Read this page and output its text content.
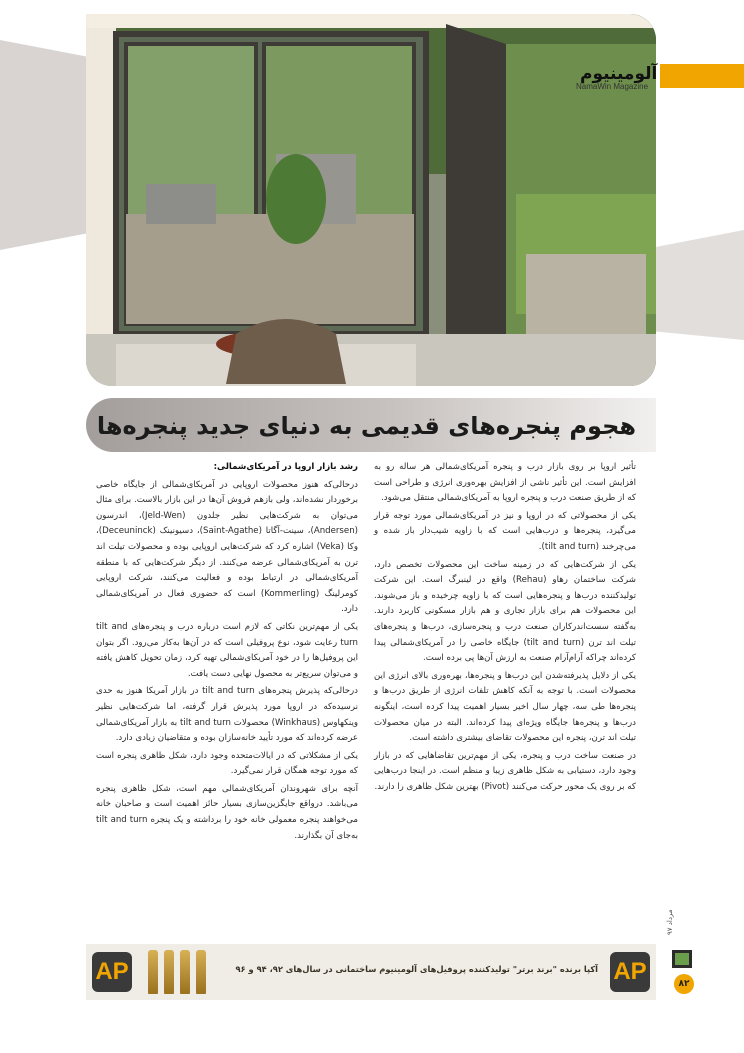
آلومینیوم
‌NamaWin Magazine
هجوم پنجره‌های قدیمی به دنیای جدید پنجره‌ها

تأثیر اروپا بر روی بازار درب و پنجره آمریکای‌شمالی هر ساله رو به افزایش است. این تأثیر ناشی از افزایش بهره‌وری انرژی و طراحی است که از طریق صنعت درب و پنجره اروپا به آمریکای‌شمالی منتقل می‌شود.

یکی از محصولاتی که در اروپا و نیز در آمریکای‌شمالی مورد توجه قرار می‌گیرد، پنجره‌ها و درب‌هایی است که با زاویه شیب‌دار باز شده و می‌چرخند (tilt and turn).

یکی از شرکت‌هایی که در زمینه ساخت این محصولات تخصص دارد، شرکت ساختمان رهاو (Rehau) واقع در لینبرگ است. این شرکت تولیدکننده درب‌ها و پنجره‌هایی است که با زاویه چرخیده و باز می‌شوند. این محصولات هم برای بازار تجاری و هم بازار مسکونی کاربرد دارند. به‌گفته سست‌اندرکاران صنعت درب و پنجره‌سازی، درب‌ها و پنجره‌های تیلت اند ترن (tilt and turn) جایگاه خاصی را در آمریکای‌شمالی پیدا کرده‌اند چراکه آرام‌آرام صنعت به ارزش آن‌ها پی برده است.

یکی از دلایل پذیرفته‌شدن این درب‌ها و پنجره‌ها، بهره‌وری بالای انرژی این محصولات است. با توجه به آنکه کاهش تلفات انرژی از طریق درب‌ها و پنجره‌ها طی سه، چهار سال اخیر بسیار اهمیت پیدا کرده است، اینگونه درب‌ها و پنجره‌ها جایگاه ویژه‌ای پیدا کرده‌اند. البته در میان محصولات تیلت اند ترن، پنجره این محصولات تقاضای بیشتری داشته است.

در صنعت ساخت درب و پنجره، یکی از مهم‌ترین تقاضاهایی که در بازار وجود دارد، دستیابی به شکل ظاهری زیبا و منظم است. در اینجا درب‌هایی که بر روی یک محور حرکت می‌کنند (Pivot) بهترین شکل ظاهری را دارند.

رشد بازار اروپا در آمریکای‌شمالی:

درحالی‌که هنوز محصولات اروپایی در آمریکای‌شمالی از جایگاه خاصی برخوردار نشده‌اند، ولی با‌زهم فروش آن‌ها در این بازار بالاست. برای مثال می‌توان به شرکت‌هایی نظیر جلدون (Jeld-Wen)، اندرسون (Andersen)، سینت-آگاتا (Saint-Agathe)، دسیونینک (Deceuninck)، وکا (Veka) اشاره کرد که شرکت‌هایی اروپایی بوده و محصولات تیلت اند ترن به آمریکای‌شمالی عرضه می‌کنند. از دیگر شرکت‌هایی که با منطقه آمریکای‌شمالی در ارتباط بوده و فعالیت می‌کنند، شرکت اروپایی کومرلینگ (Kommerling) است که حضوری فعال در آمریکای‌شمالی دارد.

یکی از مهم‌ترین نکاتی که لازم است درباره درب و پنجره‌های tilt and turn رعایت شود، نوع پروفیلی است که در آن‌ها به‌کار می‌رود. اگر بتوان این پروفیل‌ها را در خود آمریکای‌شمالی تهیه کرد، زمان تحویل کاهش یافته و می‌توان سریع‌تر به محصول نهایی دست یافت.

درحالی‌که پذیرش پنجره‌های tilt and turn در بازار آمریکا هنوز به حدی نرسیده‌که در اروپا مورد پذیرش قرار گرفته، اما شرکت‌هایی نظیر وینکهاوس (Winkhaus) محصولات tilt and turn به بازار آمریکای‌شمالی عرضه کرده‌اند که مورد تأیید خانه‌سازان بوده و متقاضیان زیادی دارد.

یکی از مشکلاتی که در ایالات‌متحده وجود دارد، شکل ظاهری پنجره است که مورد توجه همگان قرار نمی‌گیرد.

آنچه برای شهروندان آمریکای‌شمالی مهم است، شکل ظاهری پنجره می‌باشد. درواقع جایگزین‌سازی بسیار حائز اهمیت است و صاحبان خانه می‌خواهند پنجره معمولی خانه خود را برداشته و یک پنجره tilt and turn به‌جای آن بگذارند.

مرداد ۹۷
AP	آکپا برنده "برند برتر" تولیدکننده پروفیل‌های آلومینیوم ساختمانی در سال‌های ۹۲، ۹۴ و ۹۶ AP	۸۲
